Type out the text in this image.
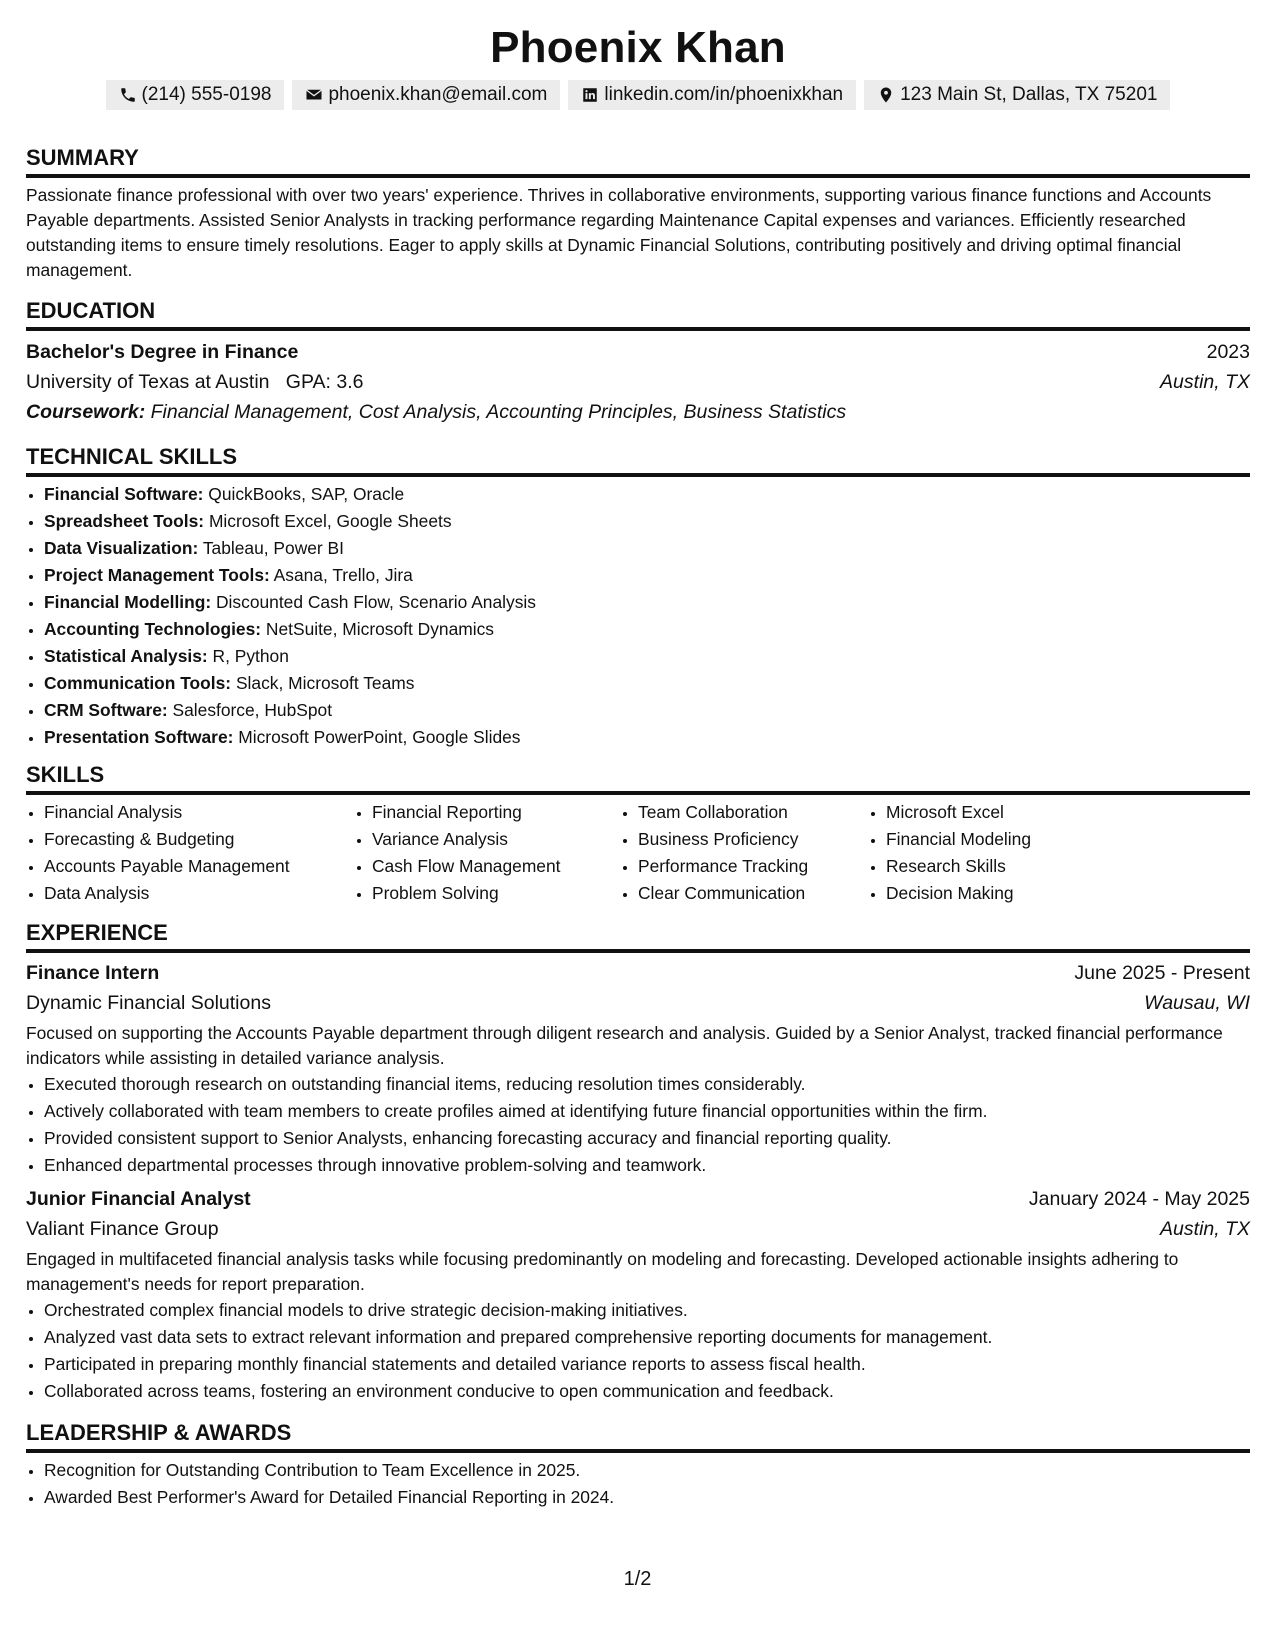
Phoenix Khan
(214) 555-0198	phoenix.khan@email.com	linkedin.com/in/phoenixkhan	123 Main St, Dallas, TX 75201
SUMMARY
Passionate finance professional with over two years' experience. Thrives in collaborative environments, supporting various finance functions and Accounts Payable departments. Assisted Senior Analysts in tracking performance regarding Maintenance Capital expenses and variances. Efficiently researched outstanding items to ensure timely resolutions. Eager to apply skills at Dynamic Financial Solutions, contributing positively and driving optimal financial management.
EDUCATION
Bachelor's Degree in Finance	2023
University of Texas at Austin GPA: 3.6	Austin, TX
Coursework: Financial Management, Cost Analysis, Accounting Principles, Business Statistics
TECHNICAL SKILLS
• Financial Software: QuickBooks, SAP, Oracle
• Spreadsheet Tools: Microsoft Excel, Google Sheets
• Data Visualization: Tableau, Power BI
• Project Management Tools: Asana, Trello, Jira
• Financial Modelling: Discounted Cash Flow, Scenario Analysis
• Accounting Technologies: NetSuite, Microsoft Dynamics
• Statistical Analysis: R, Python
• Communication Tools: Slack, Microsoft Teams
• CRM Software: Salesforce, HubSpot
• Presentation Software: Microsoft PowerPoint, Google Slides
SKILLS
• Financial Analysis
• Forecasting & Budgeting
• Accounts Payable Management
• Data Analysis
• Financial Reporting
• Variance Analysis
• Cash Flow Management
• Problem Solving
• Team Collaboration
• Business Proficiency
• Performance Tracking
• Clear Communication
• Microsoft Excel
• Financial Modeling
• Research Skills
• Decision Making
EXPERIENCE
Finance Intern	June 2025 - Present
Dynamic Financial Solutions	Wausau, WI
Focused on supporting the Accounts Payable department through diligent research and analysis. Guided by a Senior Analyst, tracked financial performance indicators while assisting in detailed variance analysis.
• Executed thorough research on outstanding financial items, reducing resolution times considerably.
• Actively collaborated with team members to create profiles aimed at identifying future financial opportunities within the firm.
• Provided consistent support to Senior Analysts, enhancing forecasting accuracy and financial reporting quality.
• Enhanced departmental processes through innovative problem-solving and teamwork.
Junior Financial Analyst	January 2024 - May 2025
Valiant Finance Group	Austin, TX
Engaged in multifaceted financial analysis tasks while focusing predominantly on modeling and forecasting. Developed actionable insights adhering to management's needs for report preparation.
• Orchestrated complex financial models to drive strategic decision-making initiatives.
• Analyzed vast data sets to extract relevant information and prepared comprehensive reporting documents for management.
• Participated in preparing monthly financial statements and detailed variance reports to assess fiscal health.
• Collaborated across teams, fostering an environment conducive to open communication and feedback.
LEADERSHIP & AWARDS
• Recognition for Outstanding Contribution to Team Excellence in 2025.
• Awarded Best Performer's Award for Detailed Financial Reporting in 2024.
1/2
